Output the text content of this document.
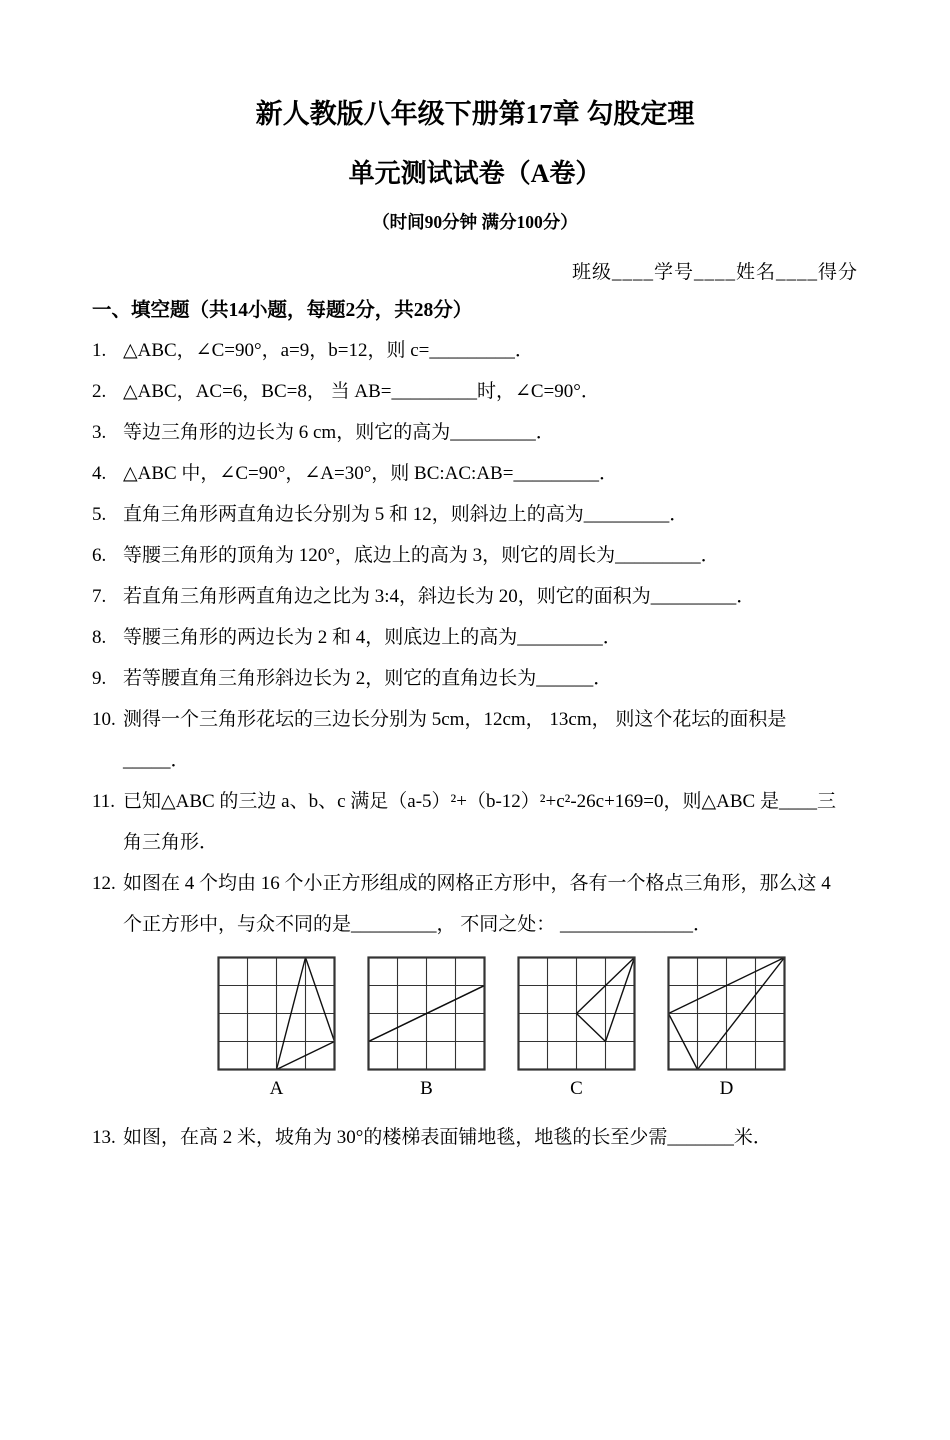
新人教版八年级下册第17章 勾股定理
单元测试试卷（A卷）
（时间90分钟 满分100分）
班级____学号____姓名____得分
一、填空题（共14小题，每题2分，共28分）
1. △ABC，∠C=90°，a=9，b=12，则 c=_________．
2. △ABC，AC=6，BC=8， 当 AB=_________时，∠C=90°．
3. 等边三角形的边长为 6 cm，则它的高为_________．
4. △ABC 中，∠C=90°，∠A=30°，则 BC:AC:AB=_________．
5. 直角三角形两直角边长分别为 5 和 12，则斜边上的高为_________．
6. 等腰三角形的顶角为 120°，底边上的高为 3，则它的周长为_________．
7. 若直角三角形两直角边之比为 3:4，斜边长为 20，则它的面积为_________．
8. 等腰三角形的两边长为 2 和 4，则底边上的高为_________．
9. 若等腰直角三角形斜边长为 2，则它的直角边长为______．
10. 测得一个三角形花坛的三边长分别为 5cm，12cm， 13cm， 则这个花坛的面积是
_____．
11. 已知△ABC 的三边 a、b、c 满足（a-5）²+（b-12）²+c²-26c+169=0，则△ABC 是____三
角三角形．
12. 如图在 4 个均由 16 个小正方形组成的网格正方形中，各有一个格点三角形，那么这 4
个正方形中，与众不同的是_________， 不同之处： ______________．
A	B	C	D
13. 如图，在高 2 米，坡角为 30°的楼梯表面铺地毯，地毯的长至少需_______米．
